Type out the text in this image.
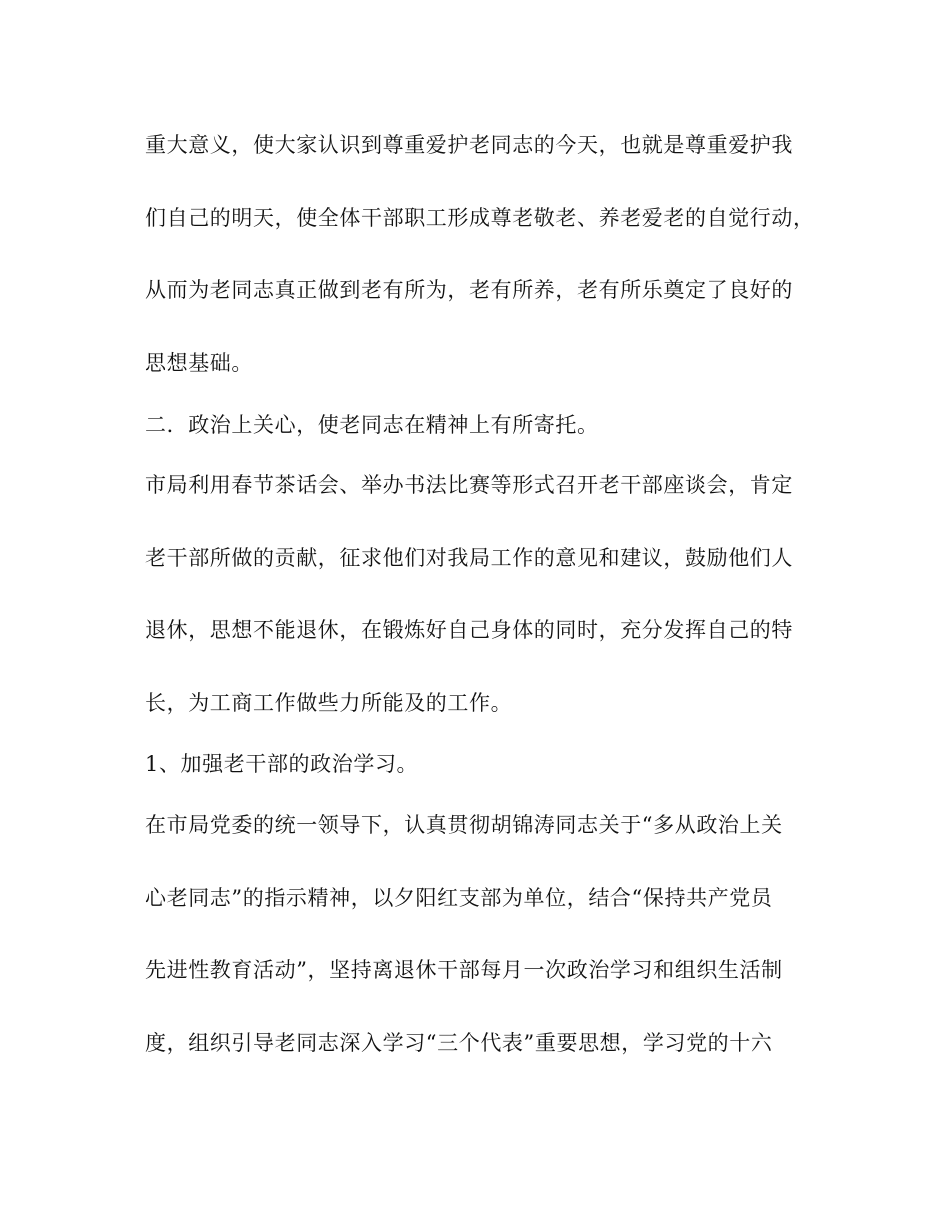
重大意义，使大家认识到尊重爱护老同志的今天，也就是尊重爱护我
们自己的明天，使全体干部职工形成尊老敬老、养老爱老的自觉行动，
从而为老同志真正做到老有所为，老有所养，老有所乐奠定了良好的
思想基础。
二．政治上关心，使老同志在精神上有所寄托。
市局利用春节茶话会、举办书法比赛等形式召开老干部座谈会，肯定
老干部所做的贡献，征求他们对我局工作的意见和建议，鼓励他们人
退休，思想不能退休，在锻炼好自己身体的同时，充分发挥自己的特
长，为工商工作做些力所能及的工作。
1、加强老干部的政治学习。
在市局党委的统一领导下，认真贯彻胡锦涛同志关于“多从政治上关
心老同志”的指示精神，以夕阳红支部为单位，结合“保持共产党员
先进性教育活动”，坚持离退休干部每月一次政治学习和组织生活制
度，组织引导老同志深入学习“三个代表”重要思想，学习党的十六
